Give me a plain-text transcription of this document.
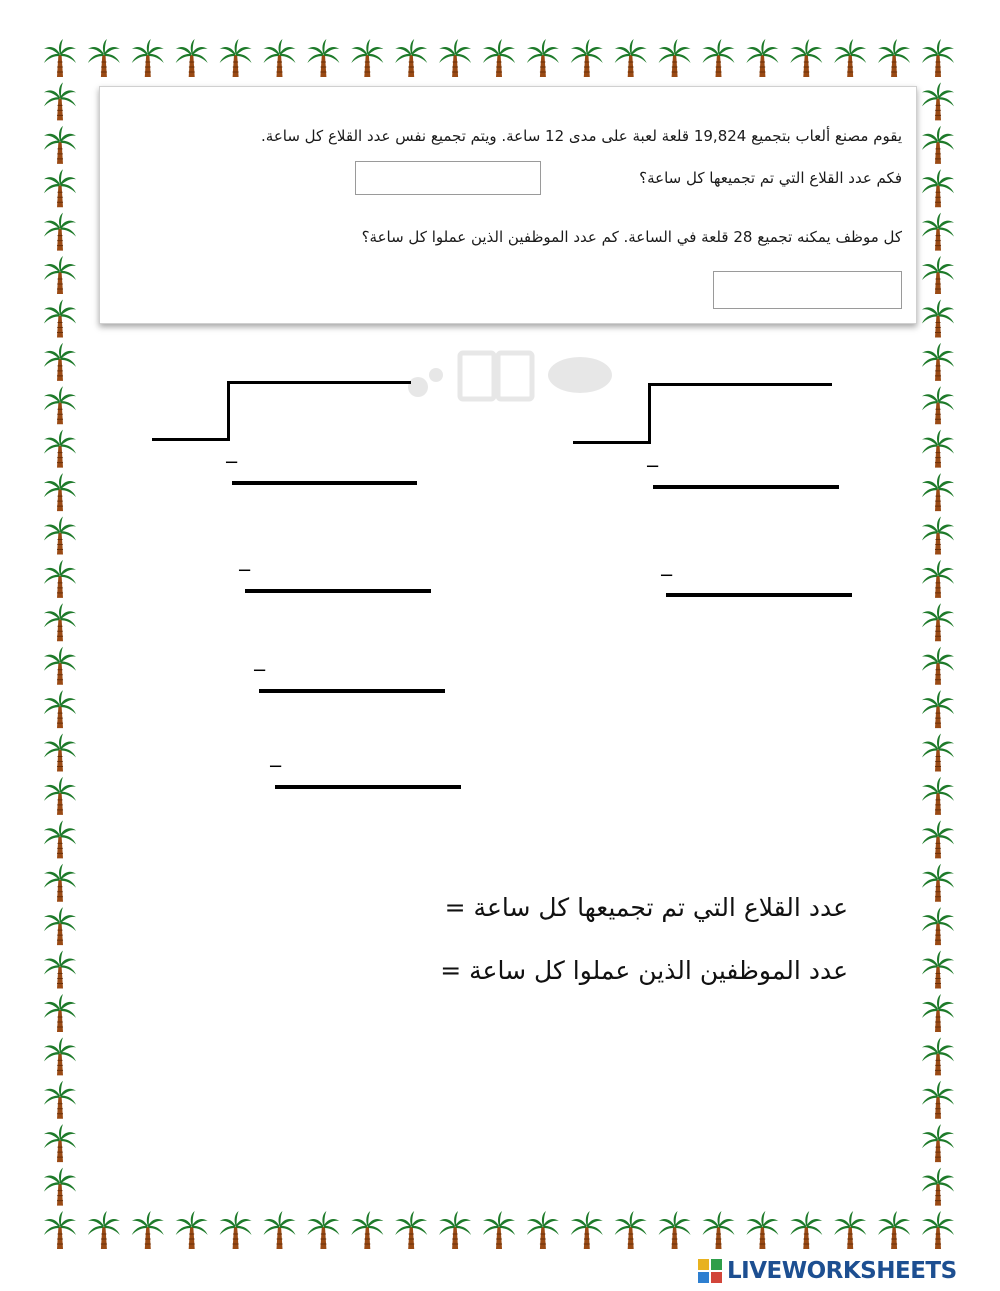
يقوم مصنع ألعاب بتجميع 19,824 قلعة لعبة على مدى 12 ساعة. ويتم تجميع نفس عدد القلاع كل ساعة.
فكم عدد القلاع التي تم تجميعها كل ساعة؟
كل موظف يمكنه تجميع 28 قلعة في الساعة. كم عدد الموظفين الذين عملوا كل ساعة؟
−
−
−
−
−
−
عدد القلاع التي تم تجميعها كل ساعة =
عدد الموظفين الذين عملوا كل ساعة =
LIVEWORKSHEETS
